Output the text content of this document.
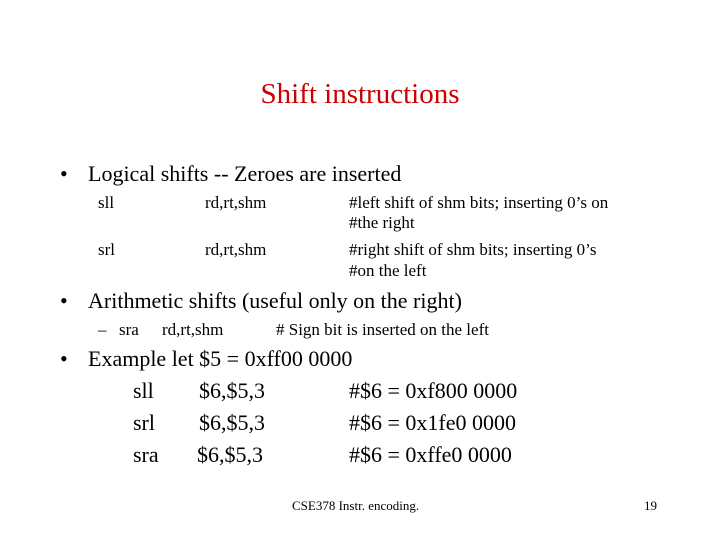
Shift instructions
• Logical shifts -- Zeroes are inserted
sll	rd,rt,shm	#left shift of shm bits; inserting 0’s on
#the right
srl	rd,rt,shm	#right shift of shm bits; inserting 0’s
#on the left
• Arithmetic shifts (useful only on the right)
– sra rd,rt,shm	# Sign bit is inserted on the left
• Example let $5 = 0xff00 0000
sll $6,$5,3	#$6 = 0xf800 0000
srl $6,$5,3	#$6 = 0x1fe0 0000
sra $6,$5,3	#$6 = 0xffe0 0000
CSE378 Instr. encoding.	19
